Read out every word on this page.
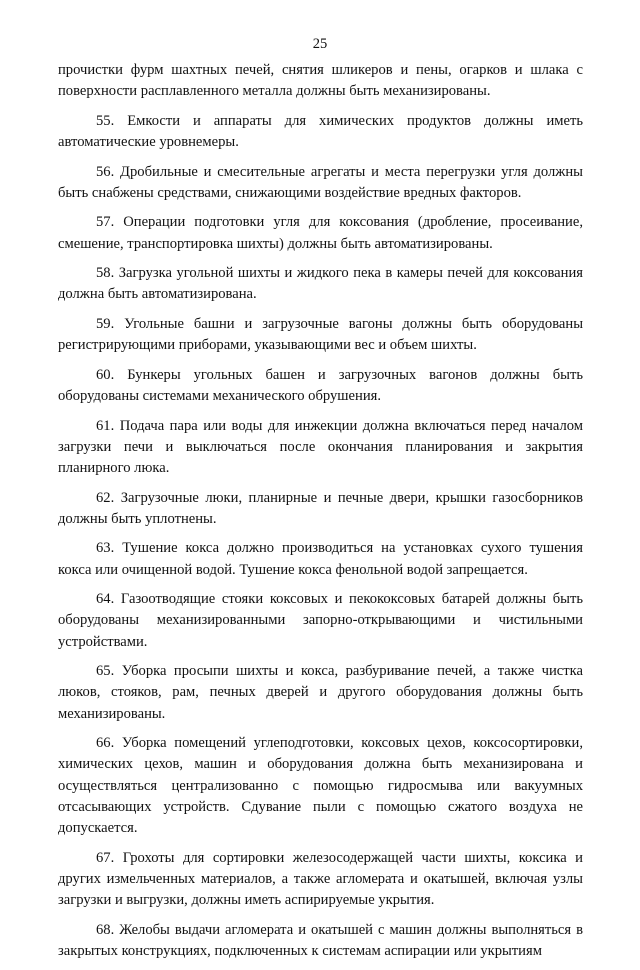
25

прочистки фурм шахтных печей, снятия шликеров и пены, огарков и шлака с поверхности расплавленного металла должны быть механизированы.

55. Емкости и аппараты для химических продуктов должны иметь автоматические уровнемеры.

56. Дробильные и смесительные агрегаты и места перегрузки угля должны быть снабжены средствами, снижающими воздействие вредных факторов.

57. Операции подготовки угля для коксования (дробление, просеивание, смешение, транспортировка шихты) должны быть автоматизированы.

58. Загрузка угольной шихты и жидкого пека в камеры печей для коксования должна быть автоматизирована.

59. Угольные башни и загрузочные вагоны должны быть оборудованы регистрирующими приборами, указывающими вес и объем шихты.

60. Бункеры угольных башен и загрузочных вагонов должны быть оборудованы системами механического обрушения.

61. Подача пара или воды для инжекции должна включаться перед началом загрузки печи и выключаться после окончания планирования и закрытия планирного люка.

62. Загрузочные люки, планирные и печные двери, крышки газосборников должны быть уплотнены.

63. Тушение кокса должно производиться на установках сухого тушения кокса или очищенной водой. Тушение кокса фенольной водой запрещается.

64. Газоотводящие стояки коксовых и пекококсовых батарей должны быть оборудованы механизированными запорно-открывающими и чистильными устройствами.

65. Уборка просыпи шихты и кокса, разбуривание печей, а также чистка люков, стояков, рам, печных дверей и другого оборудования должны быть механизированы.

66. Уборка помещений углеподготовки, коксовых цехов, коксосортировки, химических цехов, машин и оборудования должна быть механизирована и осуществляться централизованно с помощью гидросмыва или вакуумных отсасывающих устройств. Сдувание пыли с помощью сжатого воздуха не допускается.

67. Грохоты для сортировки железосодержащей части шихты, коксика и других измельченных материалов, а также агломерата и окатышей, включая узлы загрузки и выгрузки, должны иметь аспирируемые укрытия.

68. Желобы выдачи агломерата и окатышей с машин должны выполняться в закрытых конструкциях, подключенных к системам аспирации или укрытиям
